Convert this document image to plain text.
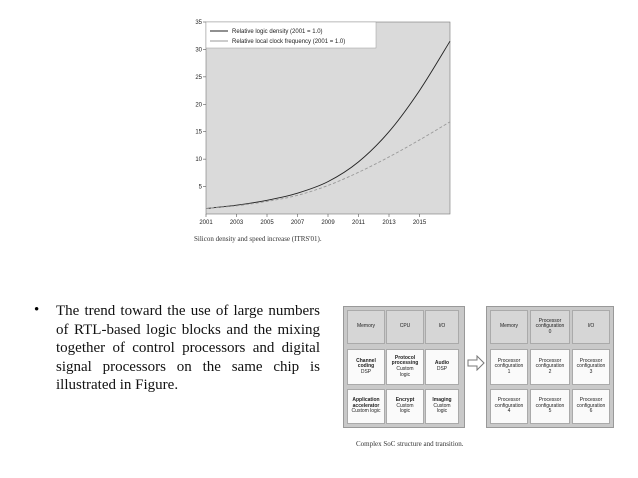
35
30
25
20
15
10
5
2001	2003	2005	2007	2009	2011	2013	2015
Relative logic density (2001 = 1.0)
Relative local clock frequency (2001 = 1.0)
Silicon density and speed increase (ITRS'01).
• The trend toward the use of large numbers of RTL-based logic blocks and the mixing together of control processors and digital signal processors on the same chip is illustrated in Figure.
Memory	CPU	I/O
Channel
coding
DSP
Protocol
processing
Custom
logic
Audio
DSP
Application
accelerator
Custom logic
Encrypt
Custom
logic
Imaging
Custom
logic
Memory
Processor
configuration
0
I/O
Processor
configuration
1
Processor
configuration
2
Processor
configuration
3
Processor
configuration
4
Processor
configuration
5
Processor
configuration
6
Complex SoC structure and transition.
